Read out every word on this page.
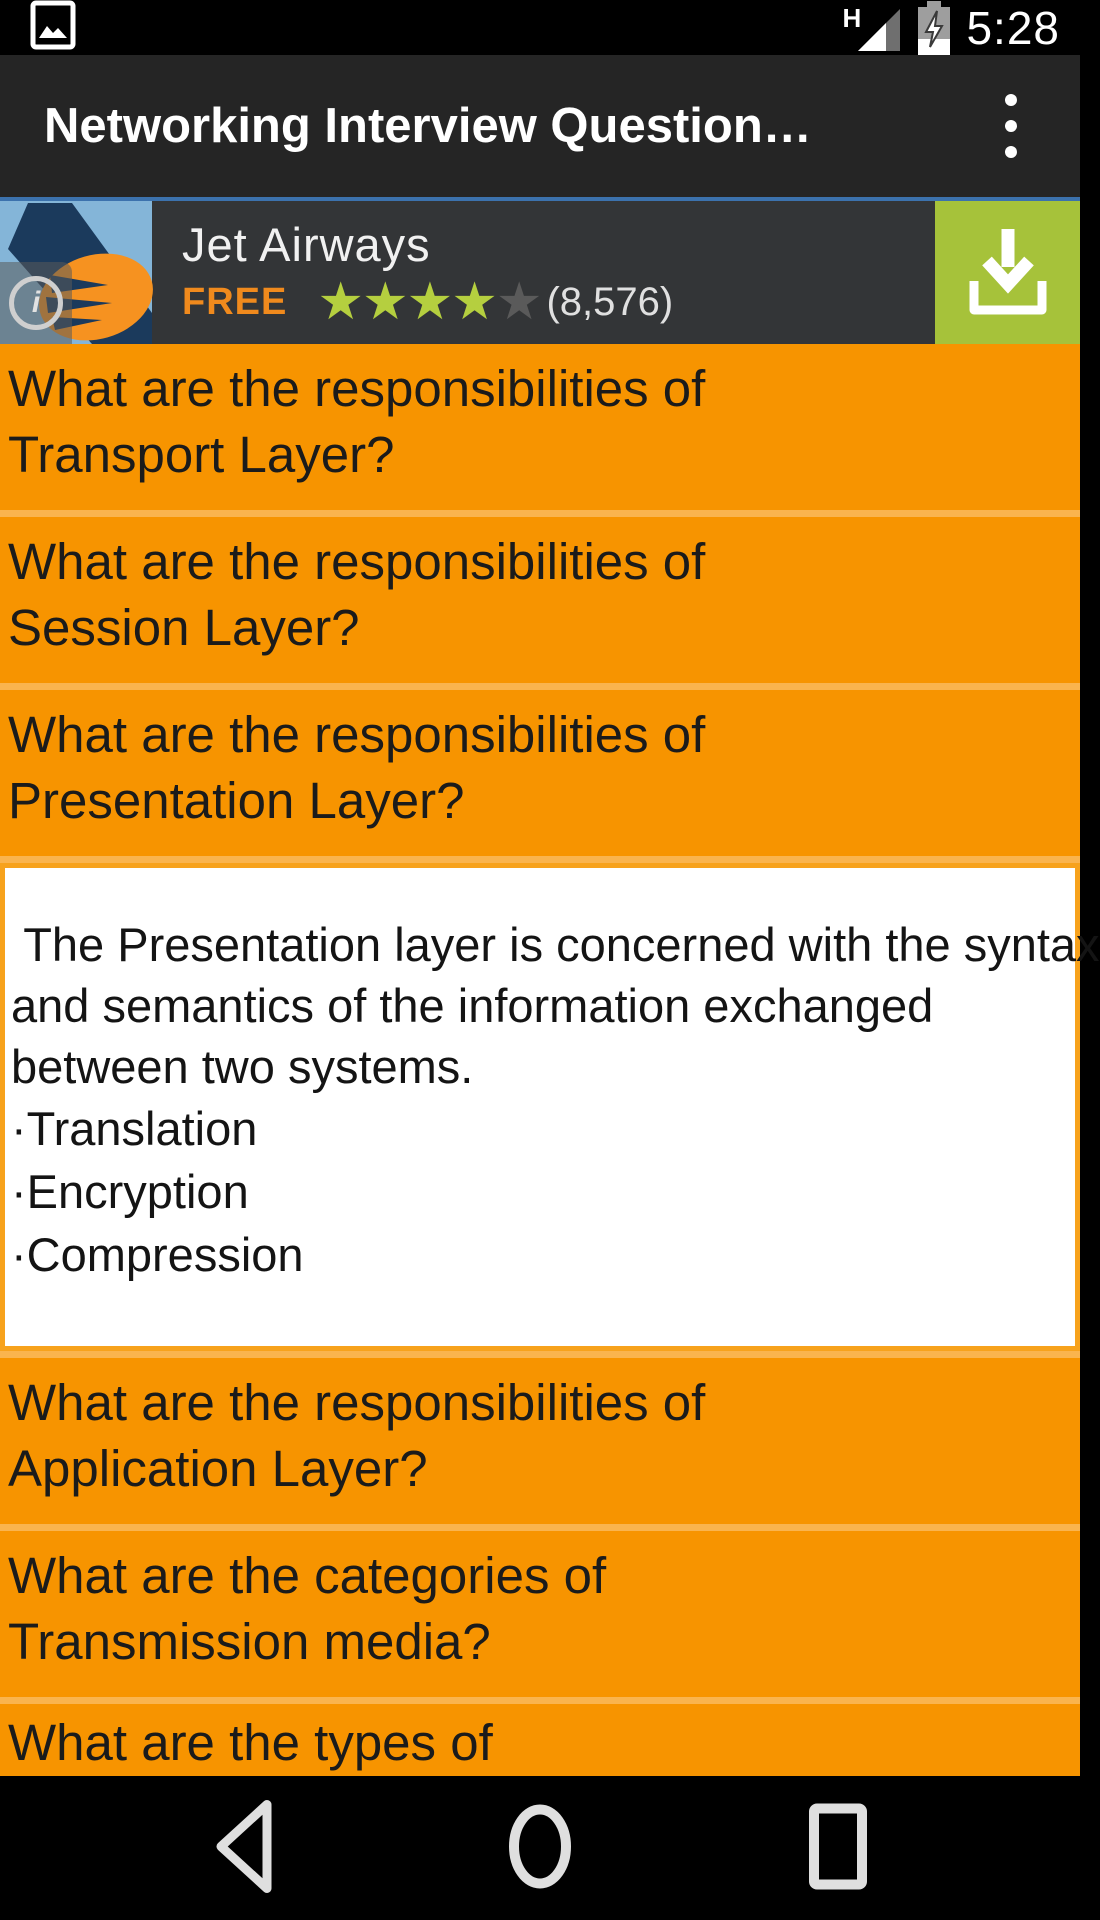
H 5:28
Networking Interview Question…
i
Jet Airways
FREE ★ ★ ★ ★ ★ (8,576)
What are the responsibilities of
Transport Layer?
What are the responsibilities of
Session Layer?
What are the responsibilities of
Presentation Layer?
The Presentation layer is concerned with the syntax
and semantics of the information exchanged
between two systems.
·Translation
·Encryption
·Compression
What are the responsibilities of
Application Layer?
What are the categories of
Transmission media?
What are the types of
